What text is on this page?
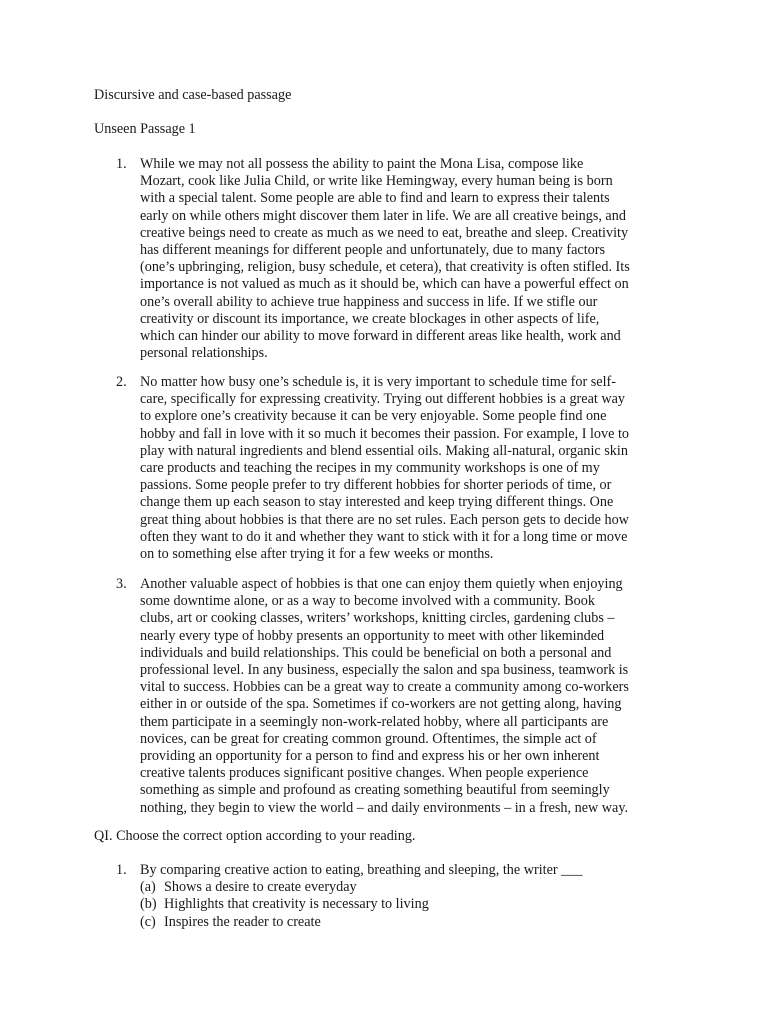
Discursive and case-based passage
Unseen Passage 1
1. While we may not all possess the ability to paint the Mona Lisa, compose like
Mozart, cook like Julia Child, or write like Hemingway, every human being is born
with a special talent. Some people are able to find and learn to express their talents
early on while others might discover them later in life. We are all creative beings, and
creative beings need to create as much as we need to eat, breathe and sleep. Creativity
has different meanings for different people and unfortunately, due to many factors
(one’s upbringing, religion, busy schedule, et cetera), that creativity is often stifled. Its
importance is not valued as much as it should be, which can have a powerful effect on
one’s overall ability to achieve true happiness and success in life. If we stifle our
creativity or discount its importance, we create blockages in other aspects of life,
which can hinder our ability to move forward in different areas like health, work and
personal relationships.
2. No matter how busy one’s schedule is, it is very important to schedule time for self-
care, specifically for expressing creativity. Trying out different hobbies is a great way
to explore one’s creativity because it can be very enjoyable. Some people find one
hobby and fall in love with it so much it becomes their passion. For example, I love to
play with natural ingredients and blend essential oils. Making all-natural, organic skin
care products and teaching the recipes in my community workshops is one of my
passions. Some people prefer to try different hobbies for shorter periods of time, or
change them up each season to stay interested and keep trying different things. One
great thing about hobbies is that there are no set rules. Each person gets to decide how
often they want to do it and whether they want to stick with it for a long time or move
on to something else after trying it for a few weeks or months.
3. Another valuable aspect of hobbies is that one can enjoy them quietly when enjoying
some downtime alone, or as a way to become involved with a community. Book
clubs, art or cooking classes, writers’ workshops, knitting circles, gardening clubs –
nearly every type of hobby presents an opportunity to meet with other likeminded
individuals and build relationships. This could be beneficial on both a personal and
professional level. In any business, especially the salon and spa business, teamwork is
vital to success. Hobbies can be a great way to create a community among co-workers
either in or outside of the spa. Sometimes if co-workers are not getting along, having
them participate in a seemingly non-work-related hobby, where all participants are
novices, can be great for creating common ground. Oftentimes, the simple act of
providing an opportunity for a person to find and express his or her own inherent
creative talents produces significant positive changes. When people experience
something as simple and profound as creating something beautiful from seemingly
nothing, they begin to view the world – and daily environments – in a fresh, new way.
QI. Choose the correct option according to your reading.
1. By comparing creative action to eating, breathing and sleeping, the writer ___
(a) Shows a desire to create everyday
(b) Highlights that creativity is necessary to living
(c) Inspires the reader to create
